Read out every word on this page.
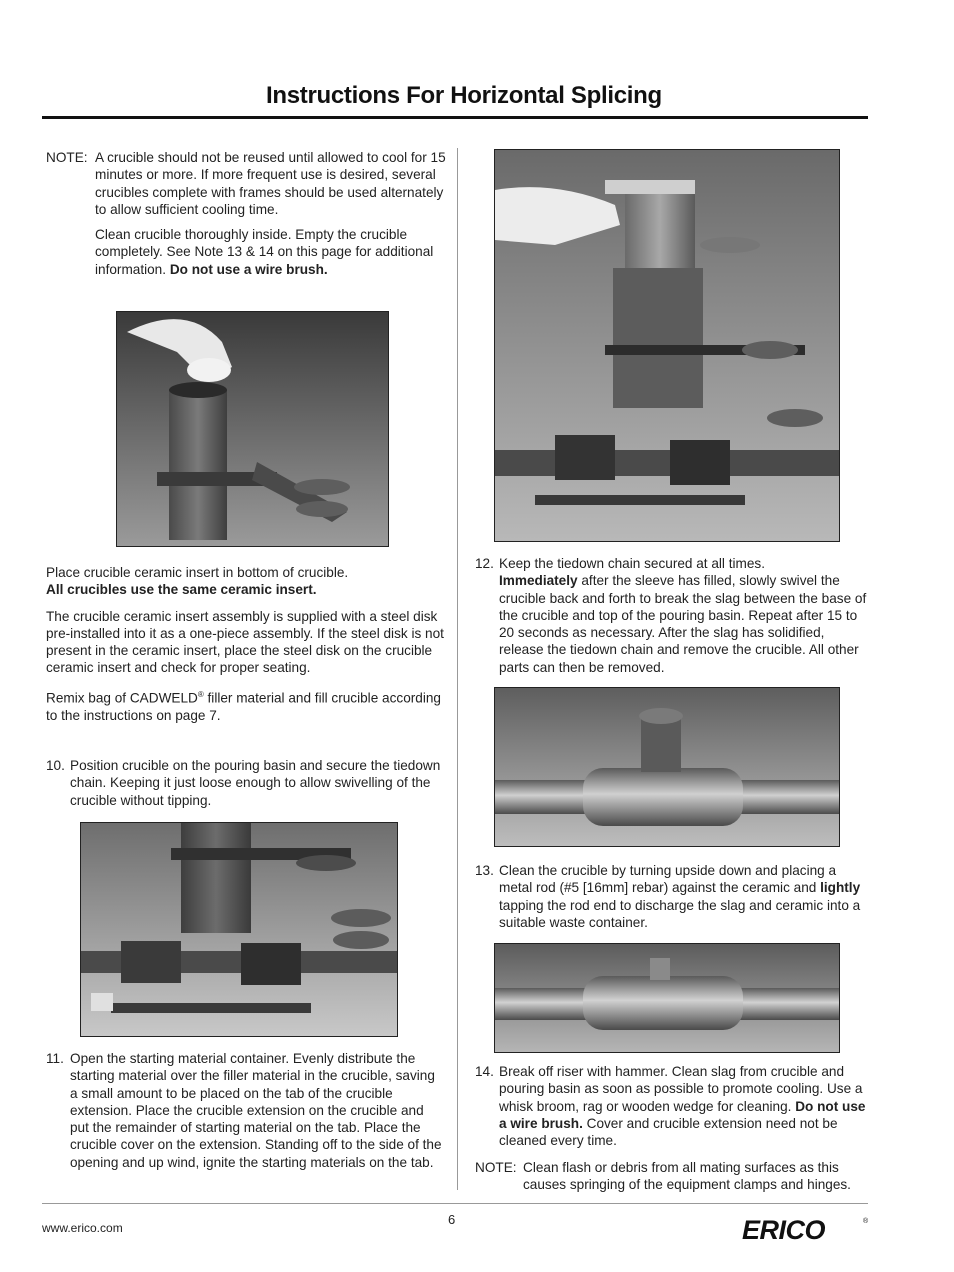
Instructions For Horizontal Splicing
NOTE: A crucible should not be reused until allowed to cool for 15 minutes or more. If more frequent use is desired, several crucibles complete with frames should be used alternately to allow sufficient cooling time.

Clean crucible thoroughly inside. Empty the crucible completely. See Note 13 & 14 on this page for additional information. Do not use a wire brush.

Place crucible ceramic insert in bottom of crucible.

All crucibles use the same ceramic insert.

The crucible ceramic insert assembly is supplied with a steel disk pre-installed into it as a one-piece assembly. If the steel disk is not present in the ceramic insert, place the steel disk on the crucible ceramic insert and check for proper seating.

Remix bag of CADWELD® filler material and fill crucible according to the instructions on page 7.

10. Position crucible on the pouring basin and secure the tiedown chain. Keeping it just loose enough to allow swivelling of the crucible without tipping.

11. Open the starting material container. Evenly distribute the starting material over the filler material in the crucible, saving a small amount to be placed on the tab of the crucible extension. Place the crucible extension on the crucible and put the remainder of starting material on the tab. Place the crucible cover on the extension. Standing off to the side of the opening and up wind, ignite the starting materials on the tab.

12. Keep the tiedown chain secured at all times.
Immediately after the sleeve has filled, slowly swivel the crucible back and forth to break the slag between the base of the crucible and top of the pouring basin. Repeat after 15 to 20 seconds as necessary. After the slag has solidified, release the tiedown chain and remove the crucible. All other parts can then be removed.

13. Clean the crucible by turning upside down and placing a metal rod (#5 [16mm] rebar) against the ceramic and lightly tapping the rod end to discharge the slag and ceramic into a suitable waste container.

14. Break off riser with hammer. Clean slag from crucible and pouring basin as soon as possible to promote cooling. Use a whisk broom, rag or wooden wedge for cleaning. Do not use a wire brush. Cover and crucible extension need not be cleaned every time.

NOTE: Clean flash or debris from all mating surfaces as this causes springing of the equipment clamps and hinges.

www.erico.com
6	ERICO	®
